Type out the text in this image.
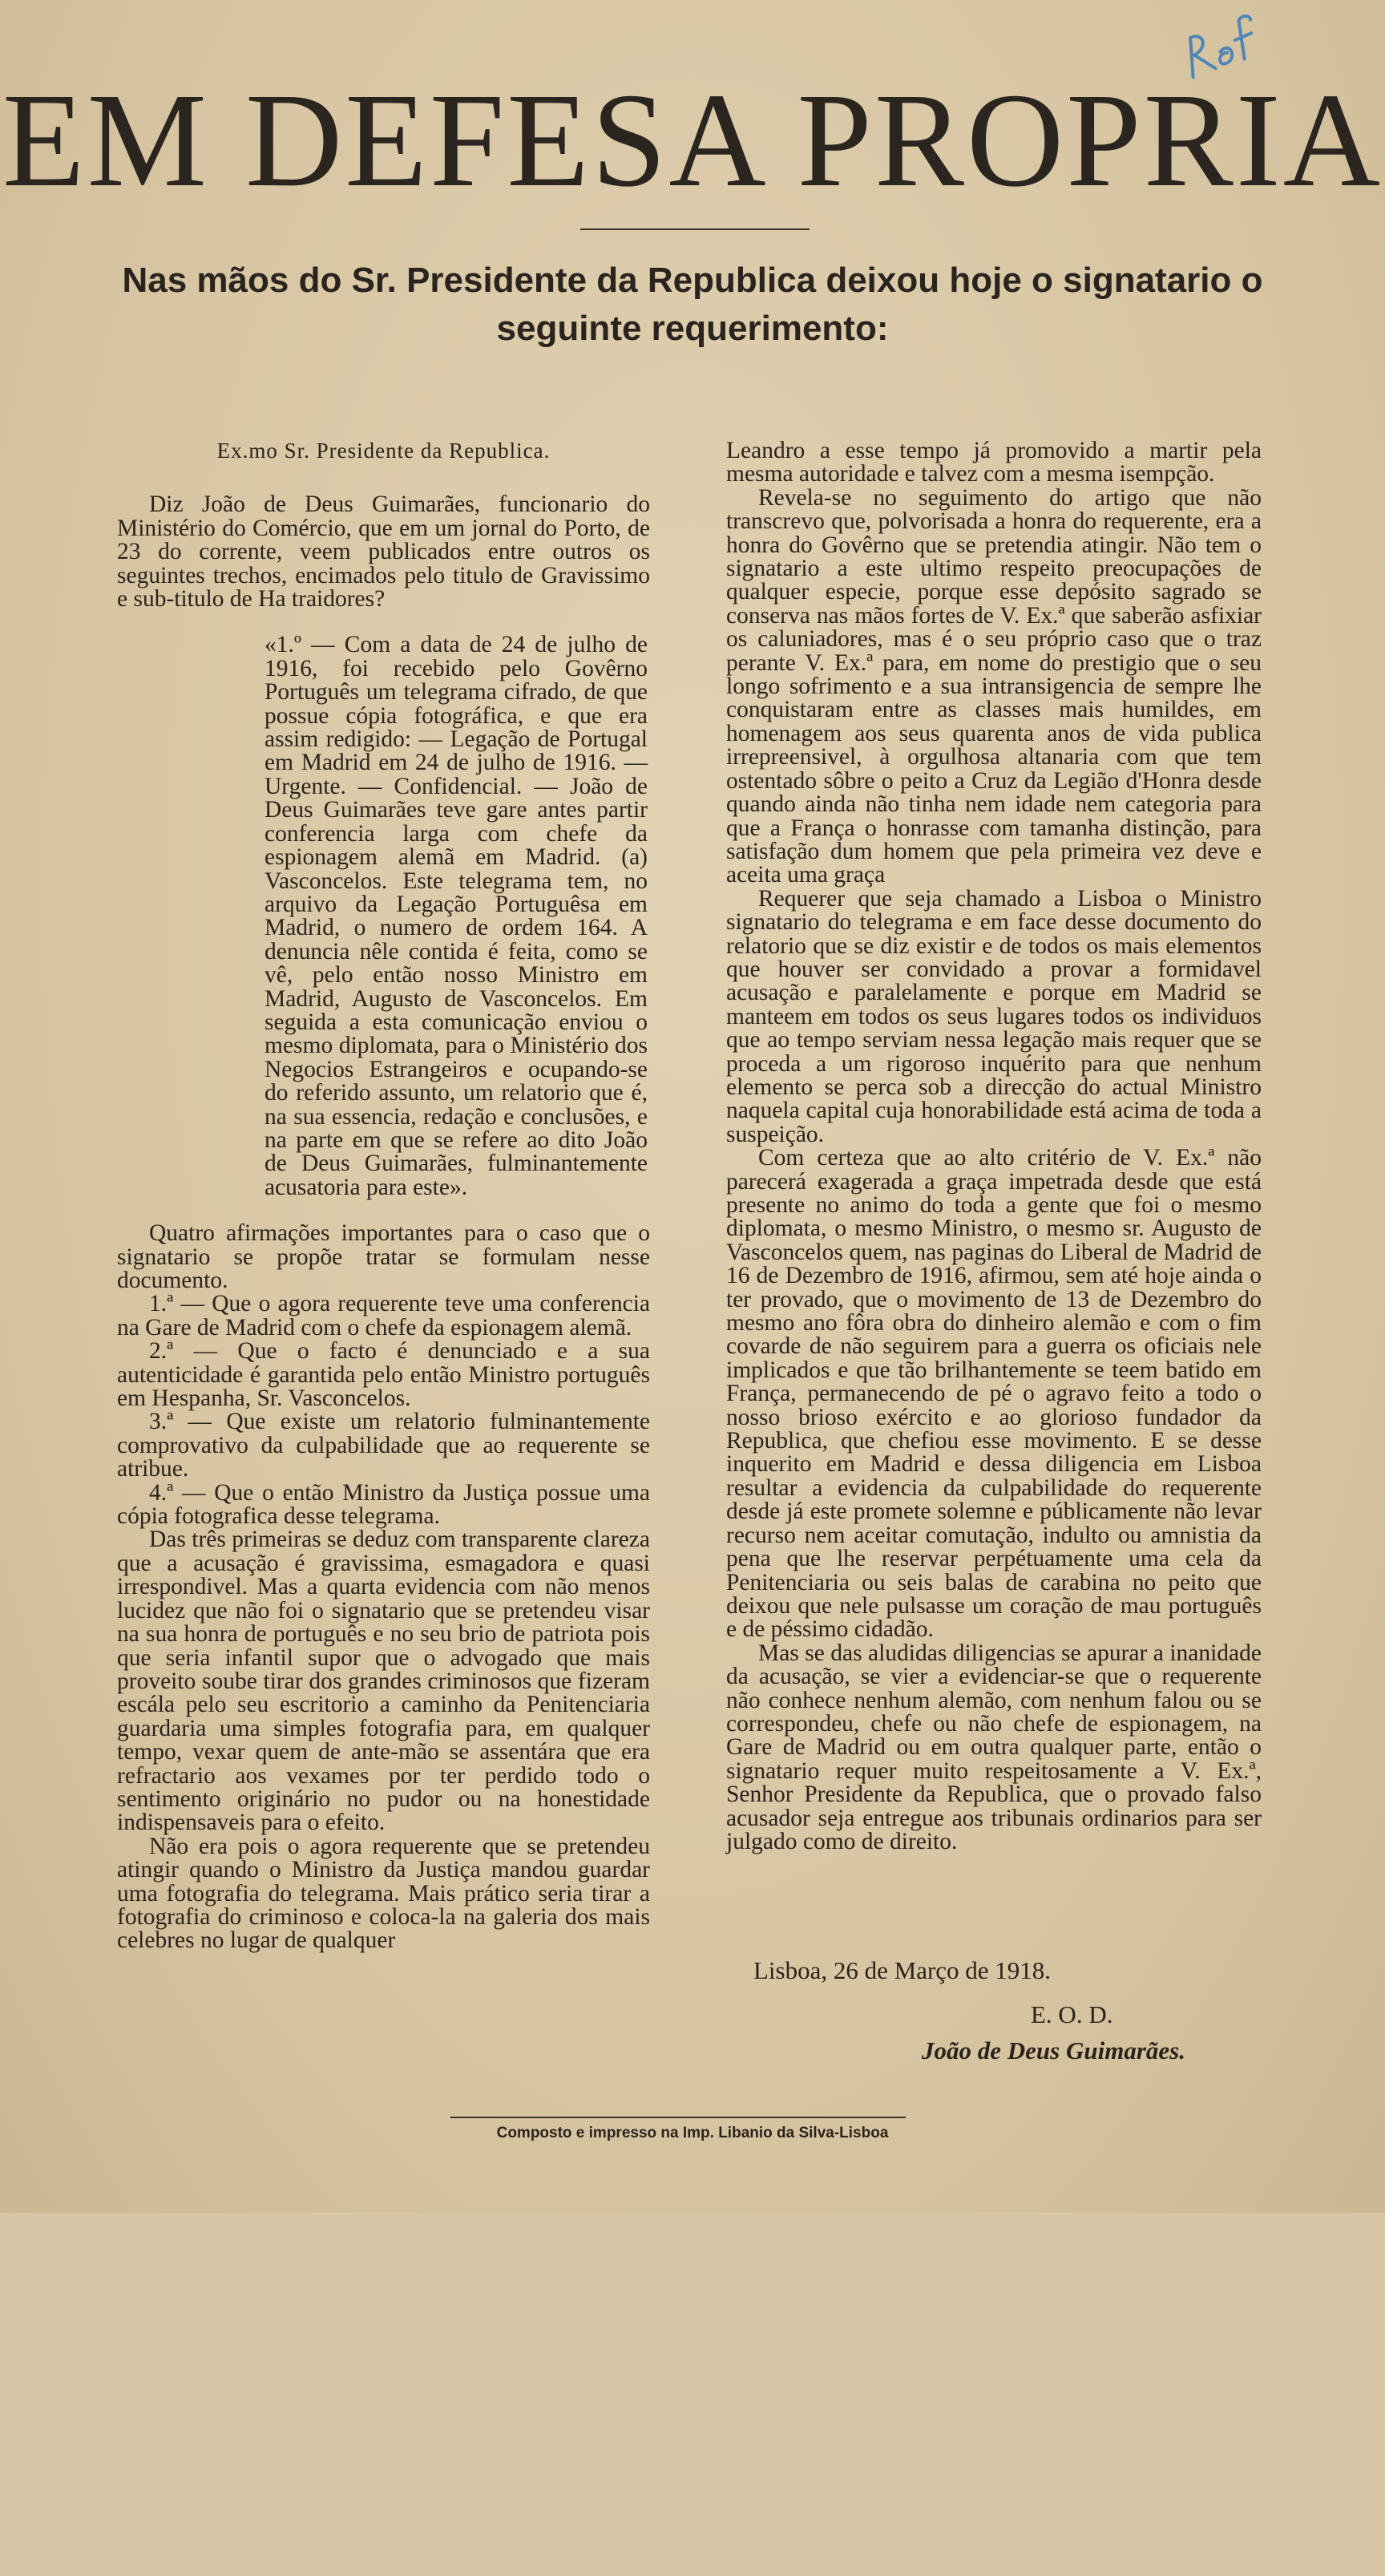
EM DEFESA PROPRIA
Nas mãos do Sr. Presidente da Republica deixou hoje o signatario o seguinte requerimento:

Ex.mo Sr. Presidente da Republica.

Diz João de Deus Guimarães, funcionario do Ministério do Comércio, que em um jornal do Porto, de 23 do corrente, veem publicados entre outros os seguintes trechos, encimados pelo titulo de Gravissimo e sub-titulo de Ha traidores?

«1.º — Com a data de 24 de julho de 1916, foi recebido pelo Govêrno Português um telegrama cifrado, de que possue cópia fotográfica, e que era assim redigido: — Legação de Portugal em Madrid em 24 de julho de 1916. — Urgente. — Confidencial. — João de Deus Guimarães teve gare antes partir conferencia larga com chefe da espionagem alemã em Madrid. (a) Vasconcelos. Este telegrama tem, no arquivo da Legação Portuguêsa em Madrid, o numero de ordem 164. A denuncia nêle contida é feita, como se vê, pelo então nosso Ministro em Madrid, Augusto de Vasconcelos. Em seguida a esta comunicação enviou o mesmo diplomata, para o Ministério dos Negocios Estrangeiros e ocupando-se do referido assunto, um relatorio que é, na sua essencia, redação e conclusões, e na parte em que se refere ao dito João de Deus Guimarães, fulminantemente acusatoria para este».

Quatro afirmações importantes para o caso que o signatario se propõe tratar se formulam nesse documento.

1.ª — Que o agora requerente teve uma conferencia na Gare de Madrid com o chefe da espionagem alemã.

2.ª — Que o facto é denunciado e a sua autenticidade é garantida pelo então Ministro português em Hespanha, Sr. Vasconcelos.

3.ª — Que existe um relatorio fulminantemente comprovativo da culpabilidade que ao requerente se atribue.

4.ª — Que o então Ministro da Justiça possue uma cópia fotografica desse telegrama.

Das três primeiras se deduz com transparente clareza que a acusação é gravissima, esmagadora e quasi irrespondivel. Mas a quarta evidencia com não menos lucidez que não foi o signatario que se pretendeu visar na sua honra de português e no seu brio de patriota pois que seria infantil supor que o advogado que mais proveito soube tirar dos grandes criminosos que fizeram escála pelo seu escritorio a caminho da Penitenciaria guardaria uma simples fotografia para, em qualquer tempo, vexar quem de ante-mão se assentára que era refractario aos vexames por ter perdido todo o sentimento originário no pudor ou na honestidade indispensaveis para o efeito.

Não era pois o agora requerente que se pretendeu atingir quando o Ministro da Justiça mandou guardar uma fotografia do telegrama. Mais prático seria tirar a fotografia do criminoso e coloca-la na galeria dos mais celebres no lugar de qualquer

Leandro a esse tempo já promovido a martir pela mesma autoridade e talvez com a mesma isempção.

Revela-se no seguimento do artigo que não transcrevo que, polvorisada a honra do requerente, era a honra do Govêrno que se pretendia atingir. Não tem o signatario a este ultimo respeito preocupações de qualquer especie, porque esse depósito sagrado se conserva nas mãos fortes de V. Ex.ª que saberão asfixiar os caluniadores, mas é o seu próprio caso que o traz perante V. Ex.ª para, em nome do prestigio que o seu longo sofrimento e a sua intransigencia de sempre lhe conquistaram entre as classes mais humildes, em homenagem aos seus quarenta anos de vida publica irrepreensivel, à orgulhosa altanaria com que tem ostentado sôbre o peito a Cruz da Legião d'Honra desde quando ainda não tinha nem idade nem categoria para que a França o honrasse com tamanha distinção, para satisfação dum homem que pela primeira vez deve e aceita uma graça

Requerer que seja chamado a Lisboa o Ministro signatario do telegrama e em face desse documento do relatorio que se diz existir e de todos os mais elementos que houver ser convidado a provar a formidavel acusação e paralelamente e porque em Madrid se manteem em todos os seus lugares todos os individuos que ao tempo serviam nessa legação mais requer que se proceda a um rigoroso inquérito para que nenhum elemento se perca sob a direcção do actual Ministro naquela capital cuja honorabilidade está acima de toda a suspeição.

Com certeza que ao alto critério de V. Ex.ª não parecerá exagerada a graça impetrada desde que está presente no animo do toda a gente que foi o mesmo diplomata, o mesmo Ministro, o mesmo sr. Augusto de Vasconcelos quem, nas paginas do Liberal de Madrid de 16 de Dezembro de 1916, afirmou, sem até hoje ainda o ter provado, que o movimento de 13 de Dezembro do mesmo ano fôra obra do dinheiro alemão e com o fim covarde de não seguirem para a guerra os oficiais nele implicados e que tão brilhantemente se teem batido em França, permanecendo de pé o agravo feito a todo o nosso brioso exército e ao glorioso fundador da Republica, que chefiou esse movimento. E se desse inquerito em Madrid e dessa diligencia em Lisboa resultar a evidencia da culpabilidade do requerente desde já este promete solemne e públicamente não levar recurso nem aceitar comutação, indulto ou amnistia da pena que lhe reservar perpétuamente uma cela da Penitenciaria ou seis balas de carabina no peito que deixou que nele pulsasse um coração de mau português e de péssimo cidadão.

Mas se das aludidas diligencias se apurar a inanidade da acusação, se vier a evidenciar-se que o requerente não conhece nenhum alemão, com nenhum falou ou se correspondeu, chefe ou não chefe de espionagem, na Gare de Madrid ou em outra qualquer parte, então o signatario requer muito respeitosamente a V. Ex.ª, Senhor Presidente da Republica, que o provado falso acusador seja entregue aos tribunais ordinarios para ser julgado como de direito.

Lisboa, 26 de Março de 1918.
E. O. D.
João de Deus Guimarães.
Composto e impresso na Imp. Libanio da Silva-Lisboa
